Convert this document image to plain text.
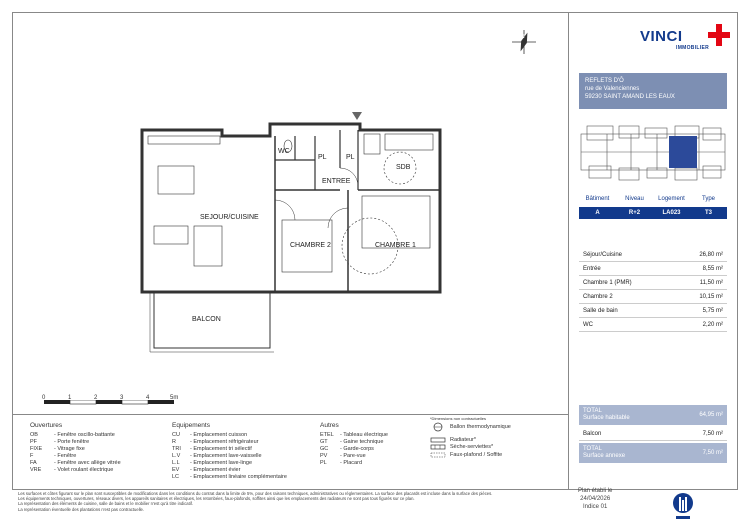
N	VINCI
IMMOBILIER
REFLETS D'Ô
rue de Valenciennes
59230 SAINT AMAND LES EAUX
Bâtiment	Niveau	Logement	Type
A	R+2	LA023	T3
Séjour/Cuisine	26,80 m²
Entrée	8,55 m²
Chambre 1 (PMR)	11,50 m²
Chambre 2	10,15 m²
Salle de bain	5,75 m²
WC	2,20 m²
TOTAL
Surface habitable	64,95 m²
Balcon	7,50 m²
TOTAL
Surface annexe	7,50 m²
SEJOUR/CUISINE
CHAMBRE 2	CHAMBRE 1
ENTREE
WC
PL	PL
SDB
BALCON
0	1	2	3	4	5m
Ouvertures
OB	- Fenêtre oscillo-battante
PF	- Porte fenêtre
FIXE - Vitrage fixe
F	- Fenêtre
FA	- Fenêtre avec allège vitrée
VRE - Volet roulant électrique
Equipements
CU - Emplacement cuisson
R	- Emplacement réfrigérateur
TRI - Emplacement tri sélectif
L.V - Emplacement lave-vaisselle
L.L - Emplacement lave-linge
EV - Emplacement évier
LC - Emplacement linéaire complémentaire
Autres
ETEL - Tableau électrique
GT - Gaine technique
GC - Garde-corps
PV - Pare-vue
PL - Placard
Ballon thermodynamique
Radiateur*
Sèche-serviettes*
Faux-plafond / Soffite
*Dimensions non contractuelles
Les surfaces et côtes figurant sur le plan sont susceptibles de modifications dans les conditions du contrat dans la limite de 5%, pour des raisons techniques, administratives ou réglementaires. La surface des placards est incluse dans la surface des pièces.
Les équipements techniques, ouvertures, réseaux divers, les appareils sanitaires et électriques, les retombées, faux-plafonds, soffites ainsi que les emplacements des radiateurs ne sont pas tous figurés sur ce plan.
La représentation des éléments de cuisine, salle de bains et le mobilier n'est qu'à titre indicatif.
La représentation éventuelle des plantations n'est pas contractuelle.
Plan établi le
24/04/2026
Indice 01
